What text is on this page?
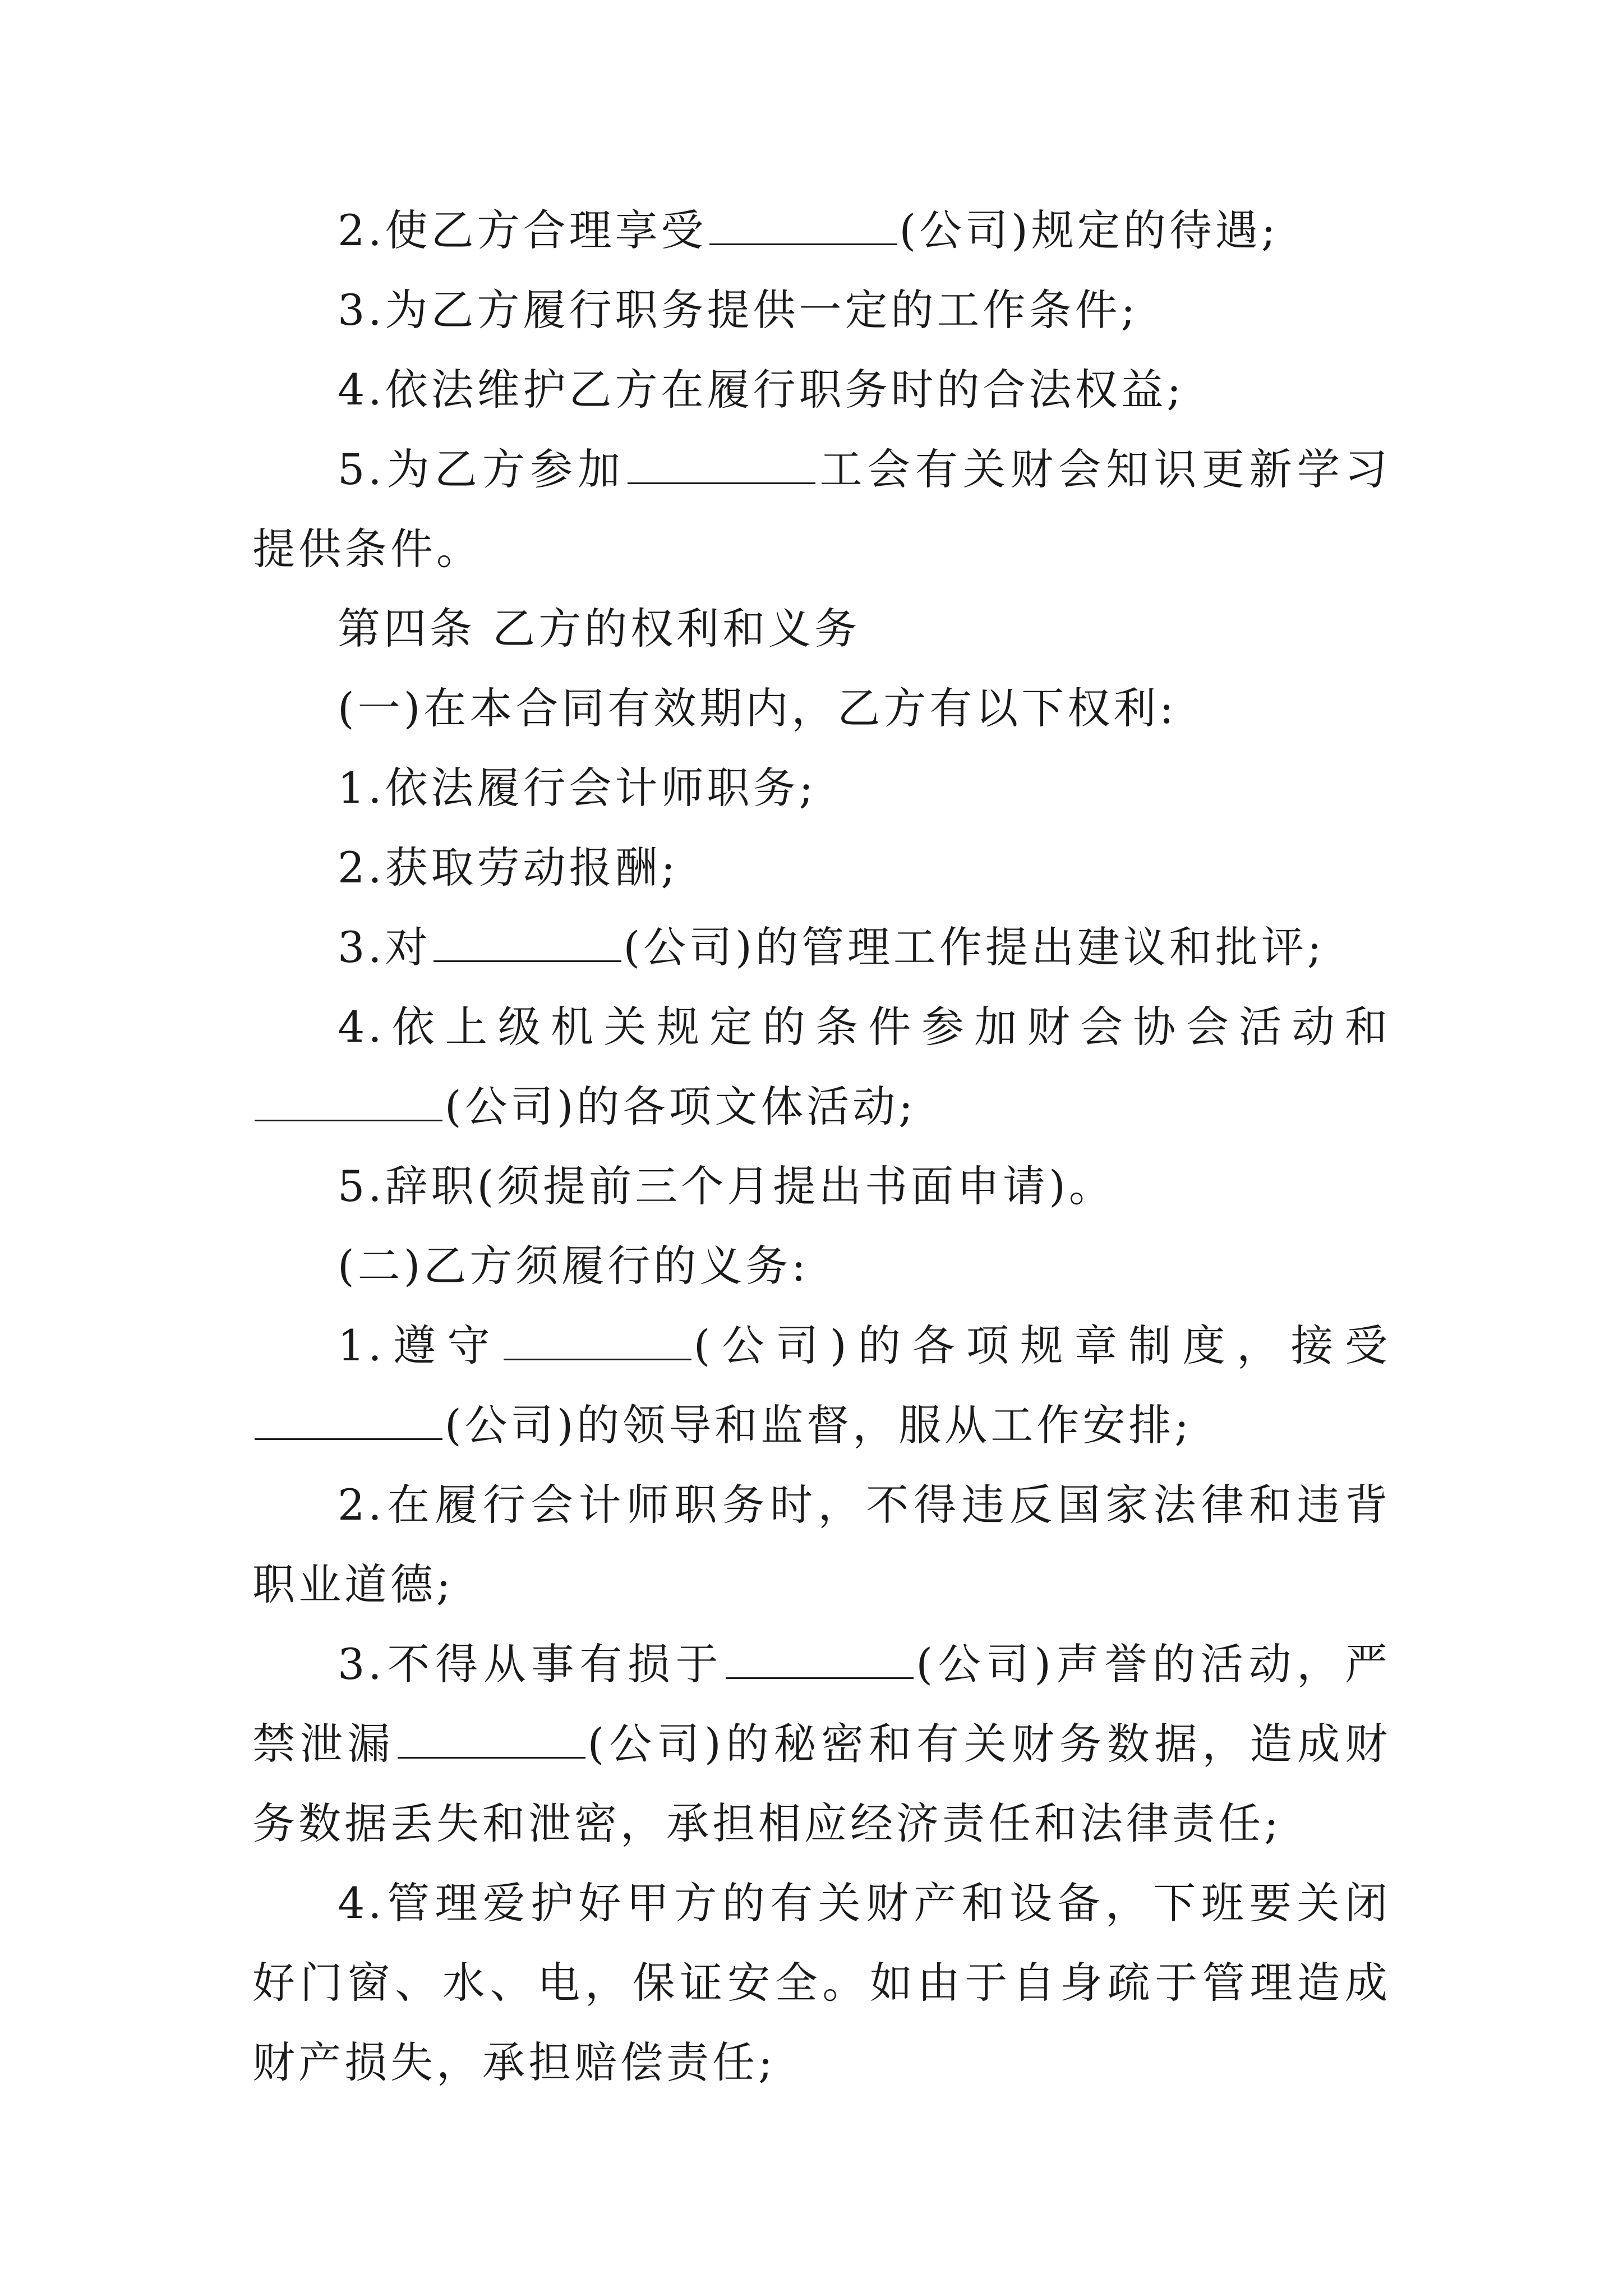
2.使乙方合理享受	(公司)规定的待遇;

3.为乙方履行职务提供一定的工作条件;

4.依法维护乙方在履行职务时的合法权益;

5.为乙方参加	工会有关财会知识更新学习提供条件。

第四条 乙方的权利和义务

(一)在本合同有效期内，乙方有以下权利:

1.依法履行会计师职务;

2.获取劳动报酬;

3.对	(公司)的管理工作提出建议和批评;

4.依上级机关规定的条件参加财会协会活动和(公司)的各项文体活动;

5.辞职(须提前三个月提出书面申请)。

(二)乙方须履行的义务:

1.遵守	(公司)的各项规章制度，接受(公司)的领导和监督，服从工作安排;

2.在履行会计师职务时，不得违反国家法律和违背职业道德;

3.不得从事有损于	(公司)声誉的活动，严禁泄漏	(公司)的秘密和有关财务数据，造成财务数据丢失和泄密，承担相应经济责任和法律责任;

4.管理爱护好甲方的有关财产和设备，下班要关闭好门窗、水、电，保证安全。如由于自身疏于管理造成财产损失，承担赔偿责任;
